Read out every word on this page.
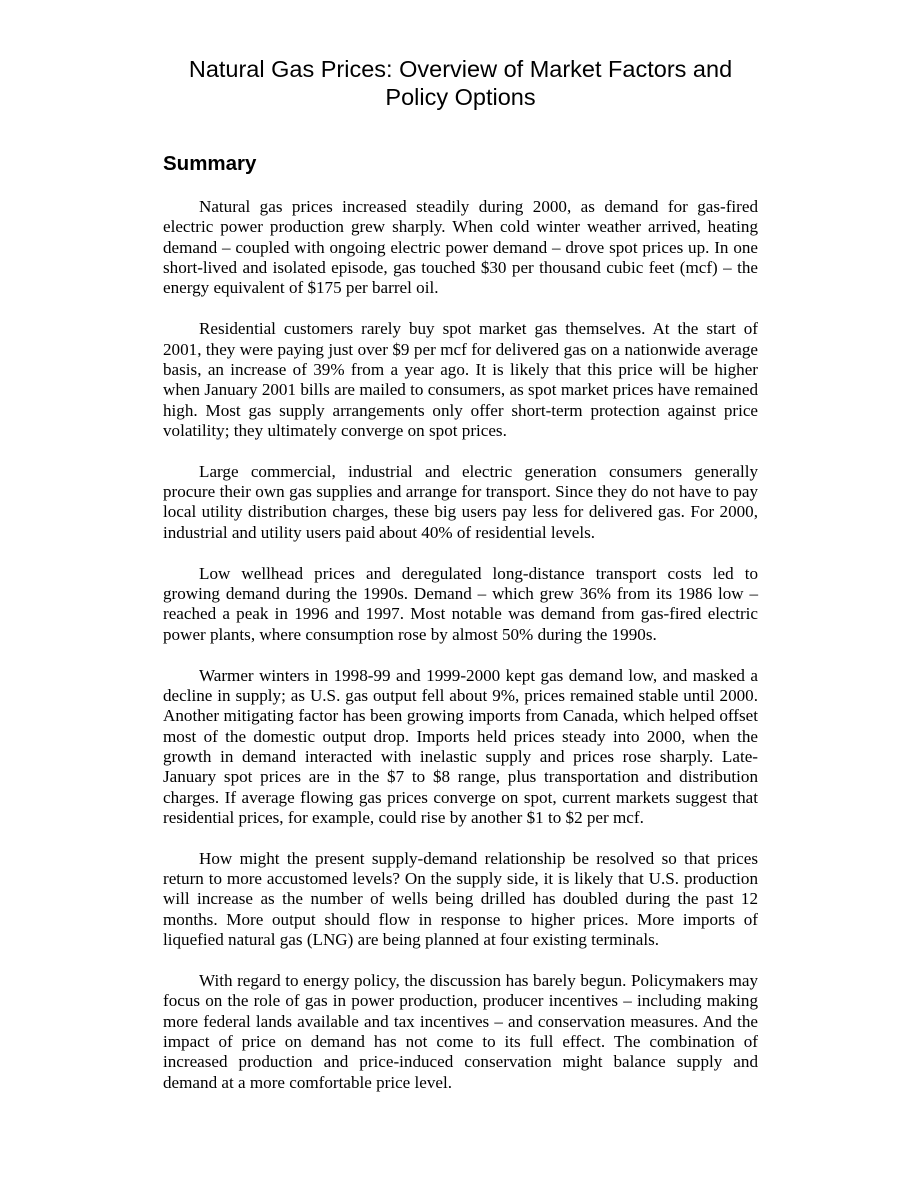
Natural Gas Prices: Overview of Market Factors and
Policy Options
Summary

Natural gas prices increased steadily during 2000, as demand for gas-fired electric power production grew sharply. When cold winter weather arrived, heating demand – coupled with ongoing electric power demand – drove spot prices up. In one short-lived and isolated episode, gas touched $30 per thousand cubic feet (mcf) – the energy equivalent of $175 per barrel oil.

Residential customers rarely buy spot market gas themselves. At the start of 2001, they were paying just over $9 per mcf for delivered gas on a nationwide average basis, an increase of 39% from a year ago. It is likely that this price will be higher when January 2001 bills are mailed to consumers, as spot market prices have remained high. Most gas supply arrangements only offer short-term protection against price volatility; they ultimately converge on spot prices.

Large commercial, industrial and electric generation consumers generally procure their own gas supplies and arrange for transport. Since they do not have to pay local utility distribution charges, these big users pay less for delivered gas. For 2000, industrial and utility users paid about 40% of residential levels.

Low wellhead prices and deregulated long-distance transport costs led to growing demand during the 1990s. Demand – which grew 36% from its 1986 low – reached a peak in 1996 and 1997. Most notable was demand from gas-fired electric power plants, where consumption rose by almost 50% during the 1990s.

Warmer winters in 1998-99 and 1999-2000 kept gas demand low, and masked a decline in supply; as U.S. gas output fell about 9%, prices remained stable until 2000. Another mitigating factor has been growing imports from Canada, which helped offset most of the domestic output drop. Imports held prices steady into 2000, when the growth in demand interacted with inelastic supply and prices rose sharply. Late-January spot prices are in the $7 to $8 range, plus transportation and distribution charges. If average flowing gas prices converge on spot, current markets suggest that residential prices, for example, could rise by another $1 to $2 per mcf.

How might the present supply-demand relationship be resolved so that prices return to more accustomed levels? On the supply side, it is likely that U.S. production will increase as the number of wells being drilled has doubled during the past 12 months. More output should flow in response to higher prices. More imports of liquefied natural gas (LNG) are being planned at four existing terminals.

With regard to energy policy, the discussion has barely begun. Policymakers may focus on the role of gas in power production, producer incentives – including making more federal lands available and tax incentives – and conservation measures. And the impact of price on demand has not come to its full effect. The combination of increased production and price-induced conservation might balance supply and demand at a more comfortable price level.
